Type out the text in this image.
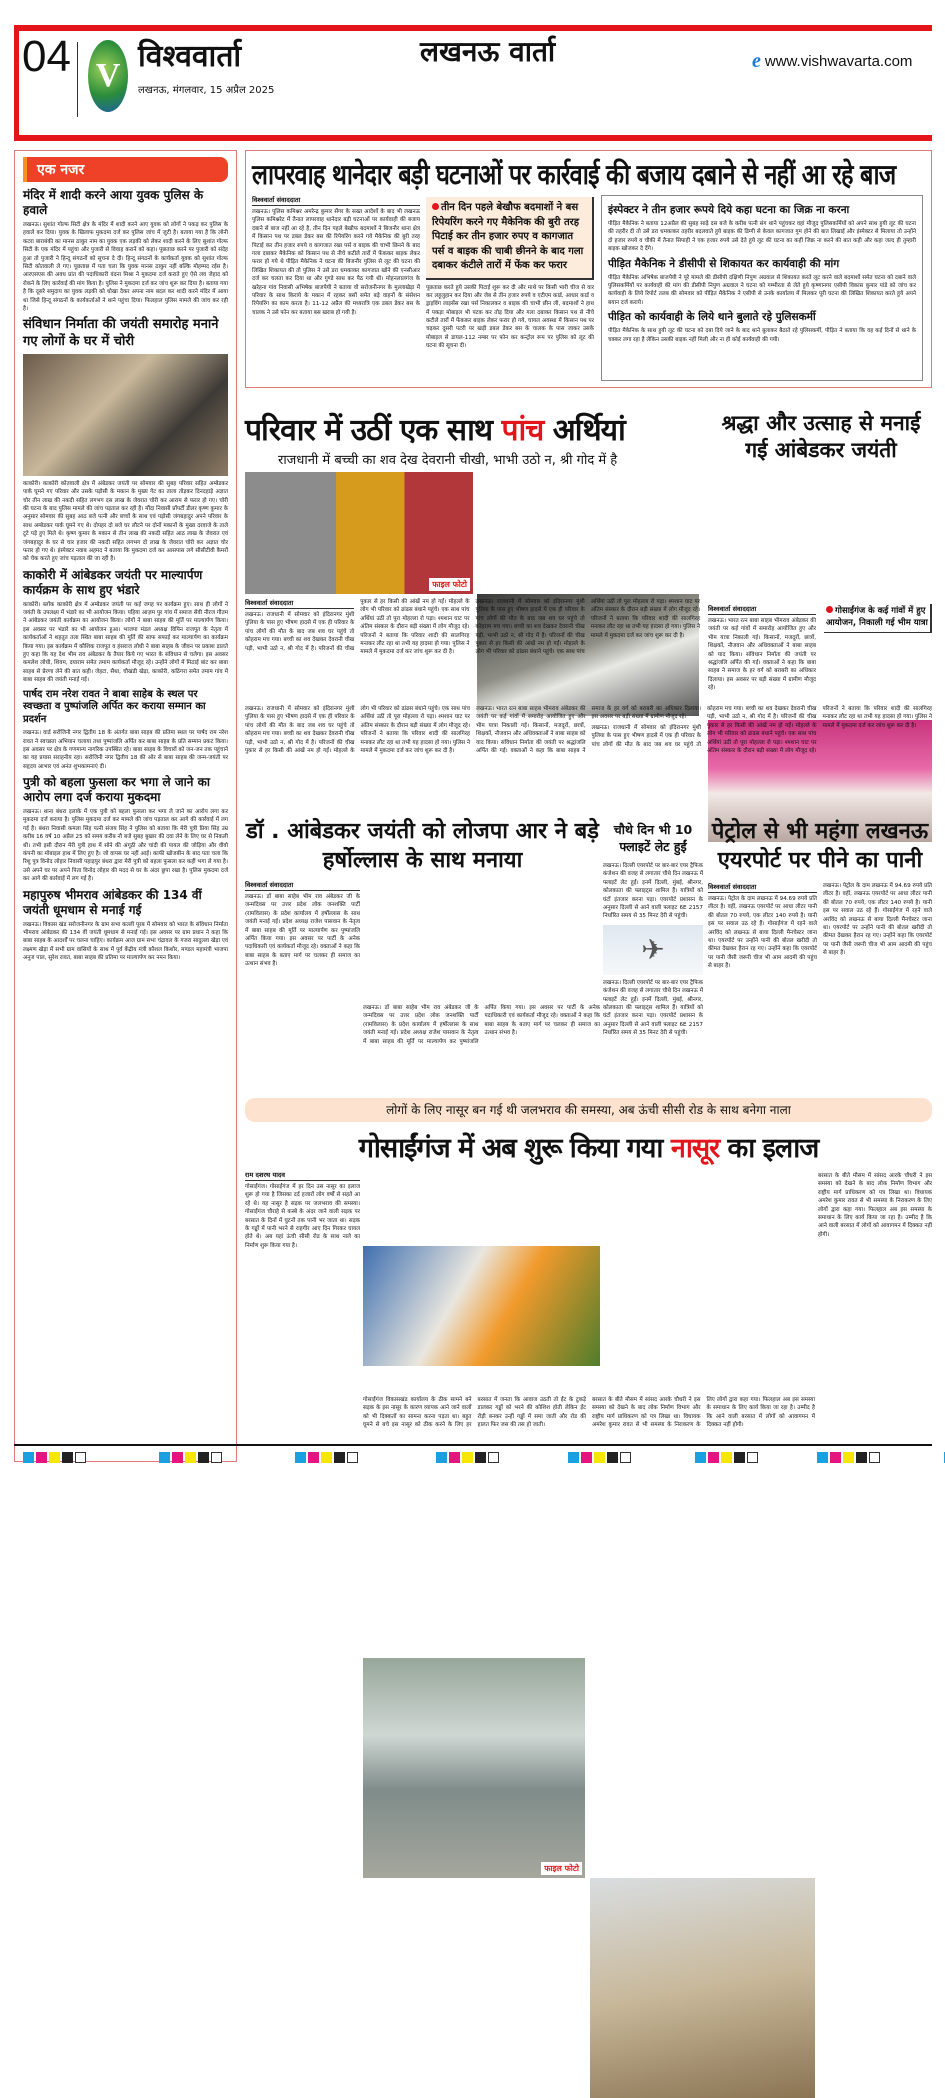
04 V
विश्ववार्ता
लखनऊ, मंगलवार, 15 अप्रैल 2025
लखनऊ वार्ता	e www.vishwavarta.com
एक नजर
मंदिर में शादी करने आया युवक पुलिस के हवाले

लखनऊ। सुशांत गोल्फ सिटी क्षेत्र के मंदिर में शादी करने आए युवक को लोगों ने पकड़ कर पुलिस के हवाले कर दिया। युवक के खिलाफ मुकदमा दर्ज कर पुलिस जांच में जुटी है। बताया गया है कि लोनी कटरा बाराबंकी का मानस ठाकुर नाम का युवक एक लड़की को लेकर शादी करने के लिए सुशांत गोल्फ सिटी के एक मंदिर में पहुंचा और पुजारी से विवाह कराने को कहा। पूछताछ करने पर पुजारी को संदेह हुआ तो पुजारी ने हिन्दू संगठनों को सूचना दे दी। हिन्दू संगठनों के कार्यकर्ता युवक को सुशांत गोल्फ सिटी कोतवाली ले गए। पूछताछ में पता चला कि युवक मानस ठाकुर नहीं बल्कि मोहम्मद रईस है। आरएसएस की अवध प्रांत की पदाधिकारी वंदना मिश्रा ने मुकदमा दर्ज कराते हुए ऐसे लव जेहाद को रोकने के लिए कार्रवाई की मांग किया है। पुलिस ने मुकदमा दर्ज कर जांच शुरू कर दिया है। बताया गया है कि दूसरे समुदाय का युवक लड़की को धोखा देकर अपना नाम बदल कर शादी करने मंदिर में आया था जिसे हिन्दू संगठनों के कार्यकर्ताओं ने थाने पहुंचा दिया। फिलहाल पुलिस मामले की जांच कर रही है।

संविधान निर्माता की जयंती समारोह मनाने गए लोगों के घर में चोरी

काकोरी। काकोरी कोतवाली क्षेत्र में अंबेडकर जयंती पर सोमवार की सुबह परिवार सहित अम्बेडकर पार्क घूमने गए परिवार और उसके पड़ोसी के मकान के मुख्य गेट का ताला तोड़कर दिनदहाड़े अज्ञात चोर तीन लाख की नकदी सहित लगभग दस लाख के जेवरात चोरी कर आराम से फरार हो गए। चोरी की घटना के बाद पुलिस मामले की जांच पड़ताल कर रही है। मौंदा निवासी प्रॉपर्टी डीलर कृष्ण कुमार के अनुसार सोमवार की सुबह आठ बजे पत्नी और बच्चों के साथ एवं पड़ोसी जंगबहादुर अपने परिवार के साथ अम्बेडकर पार्क घूमने गए थे। दोपहर दो बजे घर लौटने पर दोनों मकानों के मुख्य दरवाजे के ताले टूटे पड़े हुए मिले थे। कृष्ण कुमार के मकान से तीन लाख की नकदी सहित आठ लाख के जेवरात एवं जंगबहादुर के घर से चार हजार की नकदी सहित लगभग दो लाख के जेवरात चोरी कर अज्ञात चोर फरार हो गए थे। इंस्पेक्टर नवाब अहमद ने बताया कि मुकदमा दर्ज कर आसपास लगे सीसीटीवी कैमरों को चेक करते हुए जांच पड़ताल की जा रही है।

काकोरी में आंबेडकर जयंती पर माल्यार्पण कार्यक्रम के साथ हुए भंडारे

काकोरी। ब्लॉक काकोरी क्षेत्र में अम्बेडकर जयंती पर कई जगह पर कार्यक्रम हुए। साथ ही लोगों ने जयंती के उपलक्ष्य में भंडारे का भी आयोजन किया। पहिया आज़म पुर गांव में समाज सेवी नीरज गौतम ने आंबेडकर जयंती कार्यक्रम का आयोजन किया। लोगों ने बाबा साहब की मूर्ति पर माल्यार्पण किया। इस अवसर पर भंडारे का भी आयोजन हुआ। भाजपा मंडल अध्यक्ष विपिन राजपूत के नेतृत्व में कार्यकर्ताओं ने शहतूत तला स्थित बाबा साहब की मूर्ति की साफ सफाई कर माल्यार्पण का कार्यक्रम किया गया। इस कार्यक्रम में कौशिक राजपूत व हंसराज लोधी ने बाबा साहब के जीवन पर प्रकाश डालते हुए कहा कि यह देश भीम राव अंबेडकर के तैयार किये गए भारत के संविधान से चलेगा। इस अवसर कमलेश लोधी, शिवम, दयाराम समेत तमाम कार्यकर्ता मौजूद रहे। उन्होंने लोगों में मिठाई बांट कर बाबा साहब से प्रेरणा लेने की बात कही। जेहटा, सैथा, चौखंडी खेड़ा, काकोरी, कठिंगरा समेत तमाम गांव में बाबा साहब की जयंती मनाई गई।

पार्षद राम नरेश रावत ने बाबा साहेब के स्थल पर स्वच्छता व पुष्पांजलि अर्पित कर कराया सम्मान का प्रदर्शन

लखनऊ। वार्ड सरोजिनी नगर द्वितीय 18 के अंतर्गत बाबा साहब की प्रतिमा स्थल पर पार्षद राम नरेश रावत ने स्वच्छता अभियान चलाया तथा पुष्पांजलि अर्पित कर बाबा साहब के प्रति सम्मान प्रकट किया। इस अवसर पर क्षेत्र के गणमान्य नागरिक उपस्थित रहे। बाबा साहब के विचारों को जन-जन तक पहुंचाने का यह प्रयास सराहनीय रहा। सरोजिनी नगर द्वितीय 18 की ओर से बाबा साहब की जन्म-जयंती पर सहृदय आभार एवं अनंत शुभकामनाएं दी।

पुत्री को बहला फुसला कर भगा ले जाने का आरोप लगा दर्ज कराया मुकदमा

लखनऊ। थाना बंथरा इलाके में एक पुत्री को बहला फुसला कर भगा ले जाने का आरोप लगा कर मुकदमा दर्ज कराया है। पुलिस मुकदमा दर्ज कर मामले की जांच पड़ताल कर आगे की कार्रवाई में लग गई है। बंथरा निवासी कमला सिंह पत्नी संजय सिंह ने पुलिस को बताया कि मेरी पुत्री प्रिया सिंह उम्र करीब 16 वर्ष 10 अप्रैल 25 को समय करीब नौ बजे सुबह बुखार की दवा लेने के लिए घर से निकली थी। तभी इसी दौरान मेरी पुत्री हाथ में सोने की अंगूठी और चांदी की पायल की जोड़िया और वीवो कंपनी का मोबाइल हाथ में लिए हुए है। जो वापस घर नहीं आई। काफी खोजबीन के बाद पता चला कि रिशु पुत्र विनोद लोहार निवासी पहाड़पुर बंथरा द्वारा मेरी पुत्री को बहला फुसला कर कहीं भगा ले गया है। उसे अपने घर पर अपने पिता विनोद लोहार की मदद से घर के अंदर छुपा रखा है। पुलिस मुकदमा दर्ज कर आगे की कार्रवाई में लग गई है।

महापुरुष भीमराव आंबेडकर की 134 वीं जयंती धूमधाम से मनाई गई

लखनऊ। विकास खंड सरोजनीनगर के ग्राम सभा कल्ली पूरब में सोमवार को भारत के संविधान निर्माता भीमराव आंबेडकर की 134 वीं जयंती धूमधाम से मनाई गई। इस अवसर पर ग्राम प्रधान ने कहा कि बाबा साहब के आदर्शों पर चलना चाहिए। कार्यक्रम आज ग्राम सभा चंद्रावल के गजरा सादुल्ला खेड़ा एवं लक्ष्मण खेड़ा में सभी ग्राम वासियों के साथ में पूर्व केंद्रीय मंत्री कौशल किशोर, मण्डल महामंत्री भाजपा अनुज पाल, सुरेश रावत, बाबा साहब की प्रतिमा पर माल्यार्पण कर नमन किया।

लापरवाह थानेदार बड़ी घटनाओं पर कार्रवाई की बजाय दबाने से नहीं आ रहे बाज
विश्ववार्ता संवाददाता

लखनऊ। पुलिस कमिश्नर अमरेन्द्र कुमार सेंगर के सख्त आदेशों के बाद भी लखनऊ पुलिस कमिश्नरेट में तैनात लापरवाह थानेदार बड़ी घटनाओं पर कार्यवाही की बजाय दबाने से बाज नहीं आ रहे है, तीन दिन पहले बेखौफ बदमाशों ने बिजनौर थाना क्षेत्र में किसान पथ पर डबल डेकर बस की रिपेयरिंग करने गये मैकेनिक की बुरी तरह पिटाई कर तीन हजार रुपये व कागजात रखा पर्स व बाइक की चाभी छिनने के बाद गला दबाकर मैकेनिक को किसान पथ से नीचे कटीले तारों में फेंककर बाइक लेकर फरार हो गये थे पीड़ित मैकेनिक ने घटना की बिजनौर पुलिस से लूट की घटना की लिखित शिकायत की तो पुलिस ने उसे डरा धमकाकर कागजात खोने की एनसीआर दर्ज कर चलता कर दिया था और गुण्डे साथ कर पैठ गयी थी। मोहनलालगंज के खरेहना गांव निवासी अभिषेक बाजपेयी ने बताया वो सरोजनीनगर के मुल्लाखेड़ा में परिवार के साथ किराये के मकान में रहकर बसों समेत बड़े वाहनों के संसेशन रिपेयरिंग का काम करता है। 11-12 अप्रैल की मध्यरात्रि एक डबल डेकर बस के चालक ने उसे फोन कर बताया बस खराब हो गयी है।

तीन दिन पहले बेखौफ बदमाशों ने बस रिपेयरिंग करने गए मैकेनिक की बुरी तरह पिटाई कर तीन हजार रुपए व कागजात पर्स व बाइक की चाबी छीनने के बाद गला दबाकर कंटीले तारों में फेंक कर फरार

पूछताछ करते हुये उसकी पिटाई शुरू कर दी और माथे पर किसी भारी चीज से वार कर लहूलुहान कर दिया और जेब से तीन हजार रुपये व एटीएम कार्ड, आधार कार्ड व ड्राइविंग लाइसेंस रखा पर्स निकालकर व बाइक की चाभी छीन ली, बदमाशों ने हाथ में पकड़ा मोबाइल भी पटक कर तोड़ दिया और गला दबाकर किसान पथ से नीचे कटीले तारों में फेंककर बाइक लेकर फरार हो गये, घायल अवस्था में किसान पथ पर चढ़कर दूसरी पटरी पर खड़ी डबल डेकर बस के चालक के पास जाकर उसके मोबाइल से डायल-112 नम्बर पर फोन कर कन्ट्रोल रूम पर पुलिस को लूट की घटना की सूचना दी।

इंस्पेक्टर ने तीन हजार रूपये दिये कहा घटना का जिक्र ना करना

पीड़ित मैकेनिक ने बताया 12अप्रैल की सुबह साढ़े दस बजे के करीब पत्नी संग थाने पहुंचकर वहां मौजूद पुलिसकर्मियों को अपने साथ हुयी लूट की घटना की तहरीर दी तो उसे डरा धमकाकर तहरीर बदलवाते हुये बाइक की डिग्गी से केवल कागजात गुम होने की बात लिखाई और इंस्पेक्टर से मिलाया तो उन्होंने दो हजार रुपये व चौकी में तैनात सिपाही ने एक हजार रुपये उसे देते हुये लूट की घटना का कहीं जिक्र ना करने की बात कही और कहा जल्द ही तुम्हारी बाइक खोजकर दे देंगे।

पीड़ित मैकेनिक ने डीसीपी से शिकायत कर कार्यवाही की मांग

पीड़ित मैकेनिक अभिषेक बाजपेयी ने पूरे मामले की डीसीपी दक्षिणी निपुण अग्रवाल से शिकायत करते लूट करने वाले बदमाशों समेत घटना को दबाने वाले पुलिसकर्मियों पर कार्यवाही की मांग की डीसीपी निपुण अग्रवाल ने घटना को गम्भीरता से लेते हुये कृष्णानगर एसीपी विकास कुमार पांडे को जांच कर कार्यवाही के लिये रिपोर्ट तलब की सोमवार को पीड़ित मैकेनिक ने एसीपी से उनके कार्यालय में मिलकर पूरी घटना की लिखित शिकायत करते हुये अपने बयान दर्ज कराये।

पीड़ित को कार्यवाही के लिये थाने बुलाते रहे पुलिसकर्मी

पीड़ित मैकेनिक के साथ हुयी लूट की घटना को दबा दिये जाने के बाद थाने बुलाकर बैठाते रहे पुलिसकर्मी, पीड़ित ने बताया कि वह कई दिनों से थाने के चक्कर लगा रहा है लेकिन उसकी बाइक नहीं मिली और ना ही कोई कार्यवाही की गयी।

परिवार में उठीं एक साथ पांच अर्थियां
राजधानी में बच्ची का शव देख देवरानी चीखी, भाभी उठो न, श्री गोद में है
फाइल फोटो
विश्ववार्ता संवाददाता

लखनऊ। राजधानी में सोमवार को इंदिरानगर मुंशी पुलिया के पास हुए भीषण हादसे में एक ही परिवार के पांच लोगों की मौत के बाद जब शव घर पहुंचे तो कोहराम मच गया। बच्ची का शव देखकर देवरानी चीख पड़ी, भाभी उठो न, श्री गोद में है। परिजनों की चीख पुकार से हर किसी की आंखें नम हो गईं। मोहल्ले के लोग भी परिवार को ढांढस बंधाने पहुंचे। एक साथ पांच अर्थियां उठीं तो पूरा मोहल्ला रो पड़ा। श्मशान घाट पर अंतिम संस्कार के दौरान बड़ी संख्या में लोग मौजूद रहे। परिजनों ने बताया कि परिवार शादी की सालगिरह मनाकर लौट रहा था तभी यह हादसा हो गया। पुलिस ने मामले में मुकदमा दर्ज कर जांच शुरू कर दी है।

लखनऊ। राजधानी में सोमवार को इंदिरानगर मुंशी पुलिया के पास हुए भीषण हादसे में एक ही परिवार के पांच लोगों की मौत के बाद जब शव घर पहुंचे तो कोहराम मच गया। बच्ची का शव देखकर देवरानी चीख पड़ी, भाभी उठो न, श्री गोद में है। परिजनों की चीख पुकार से हर किसी की आंखें नम हो गईं। मोहल्ले के लोग भी परिवार को ढांढस बंधाने पहुंचे। एक साथ पांच अर्थियां उठीं तो पूरा मोहल्ला रो पड़ा। श्मशान घाट पर अंतिम संस्कार के दौरान बड़ी संख्या में लोग मौजूद रहे। परिजनों ने बताया कि परिवार शादी की सालगिरह मनाकर लौट रहा था तभी यह हादसा हो गया। पुलिस ने मामले में मुकदमा दर्ज कर जांच शुरू कर दी है।

श्रद्धा और उत्साह से मनाई गई आंबेडकर जयंती
विश्ववार्ता संवाददाता	गोसाईंगंज के कई गांवों में हुए आयोजन, निकाली गई भीम यात्रा

लखनऊ। भारत रत्न बाबा साहब भीमराव अंबेडकर की जयंती पर कई गांवों में समारोह आयोजित हुए और भीम यात्रा निकाली गई। किसानों, मजदूरों, छात्रों, शिक्षकों, नौजवान और अधिवक्ताओं ने बाबा साहब को याद किया। संविधान निर्माता की जयंती पर श्रद्धांजलि अर्पित की गई। वक्ताओं ने कहा कि बाबा साहब ने समाज के हर वर्ग को बराबरी का अधिकार दिलाया। इस अवसर पर बड़ी संख्या में ग्रामीण मौजूद रहे।

लखनऊ। राजधानी में सोमवार को इंदिरानगर मुंशी पुलिया के पास हुए भीषण हादसे में एक ही परिवार के पांच लोगों की मौत के बाद जब शव घर पहुंचे तो कोहराम मच गया। बच्ची का शव देखकर देवरानी चीख पड़ी, भाभी उठो न, श्री गोद में है। परिजनों की चीख पुकार से हर किसी की आंखें नम हो गईं। मोहल्ले के लोग भी परिवार को ढांढस बंधाने पहुंचे। एक साथ पांच अर्थियां उठीं तो पूरा मोहल्ला रो पड़ा। श्मशान घाट पर अंतिम संस्कार के दौरान बड़ी संख्या में लोग मौजूद रहे। परिजनों ने बताया कि परिवार शादी की सालगिरह मनाकर लौट रहा था तभी यह हादसा हो गया। पुलिस ने मामले में मुकदमा दर्ज कर जांच शुरू कर दी है।

लखनऊ। भारत रत्न बाबा साहब भीमराव अंबेडकर की जयंती पर कई गांवों में समारोह आयोजित हुए और भीम यात्रा निकाली गई। किसानों, मजदूरों, छात्रों, शिक्षकों, नौजवान और अधिवक्ताओं ने बाबा साहब को याद किया। संविधान निर्माता की जयंती पर श्रद्धांजलि अर्पित की गई। वक्ताओं ने कहा कि बाबा साहब ने समाज के हर वर्ग को बराबरी का अधिकार दिलाया। इस अवसर पर बड़ी संख्या में ग्रामीण मौजूद रहे।

लखनऊ। राजधानी में सोमवार को इंदिरानगर मुंशी पुलिया के पास हुए भीषण हादसे में एक ही परिवार के पांच लोगों की मौत के बाद जब शव घर पहुंचे तो कोहराम मच गया। बच्ची का शव देखकर देवरानी चीख पड़ी, भाभी उठो न, श्री गोद में है। परिजनों की चीख पुकार से हर किसी की आंखें नम हो गईं। मोहल्ले के लोग भी परिवार को ढांढस बंधाने पहुंचे। एक साथ पांच अर्थियां उठीं तो पूरा मोहल्ला रो पड़ा। श्मशान घाट पर अंतिम संस्कार के दौरान बड़ी संख्या में लोग मौजूद रहे। परिजनों ने बताया कि परिवार शादी की सालगिरह मनाकर लौट रहा था तभी यह हादसा हो गया। पुलिस ने मामले में मुकदमा दर्ज कर जांच शुरू कर दी है।

डॉ . आंबेडकर जयंती को लोजपा आर ने बड़े हर्षोल्लास के साथ मनाया
विश्ववार्ता संवाददाता

लखनऊ। डॉ बाबा साहेब भीम राव अंबेडकर जी के जन्मदिवस पर उत्तर प्रदेश लोक जनशक्ति पार्टी (रामविलास) के प्रदेश कार्यालय में हर्षोल्लास के साथ जयंती मनाई गई। प्रदेश अध्यक्ष राजेश पासवान के नेतृत्व में बाबा साहब की मूर्ति पर माल्यार्पण कर पुष्पांजलि अर्पित किया गया। इस अवसर पर पार्टी के अनेक पदाधिकारी एवं कार्यकर्ता मौजूद रहे। वक्ताओं ने कहा कि बाबा साहब के बताए मार्ग पर चलकर ही समाज का उत्थान संभव है।

लखनऊ। डॉ बाबा साहेब भीम राव अंबेडकर जी के जन्मदिवस पर उत्तर प्रदेश लोक जनशक्ति पार्टी (रामविलास) के प्रदेश कार्यालय में हर्षोल्लास के साथ जयंती मनाई गई। प्रदेश अध्यक्ष राजेश पासवान के नेतृत्व में बाबा साहब की मूर्ति पर माल्यार्पण कर पुष्पांजलि अर्पित किया गया। इस अवसर पर पार्टी के अनेक पदाधिकारी एवं कार्यकर्ता मौजूद रहे। वक्ताओं ने कहा कि बाबा साहब के बताए मार्ग पर चलकर ही समाज का उत्थान संभव है।

चौथे दिन भी 10 फ्लाइटें लेट हुईं

लखनऊ। दिल्ली एयरपोर्ट पर बार-बार एयर ट्रैफिक कंजेशन की वजह से लगातार चौथे दिन लखनऊ में फ्लाइटें लेट हुईं। इनमें दिल्ली, मुंबई, श्रीनगर, कोलकाता की फ्लाइट्स शामिल हैं। यात्रियों को घंटों इंतजार करना पड़ा। एयरपोर्ट प्रशासन के अनुसार दिल्ली से आने वाली फ्लाइट 6E 2157 निर्धारित समय से 35 मिनट देरी से पहुंची।

✈

लखनऊ। दिल्ली एयरपोर्ट पर बार-बार एयर ट्रैफिक कंजेशन की वजह से लगातार चौथे दिन लखनऊ में फ्लाइटें लेट हुईं। इनमें दिल्ली, मुंबई, श्रीनगर, कोलकाता की फ्लाइट्स शामिल हैं। यात्रियों को घंटों इंतजार करना पड़ा। एयरपोर्ट प्रशासन के अनुसार दिल्ली से आने वाली फ्लाइट 6E 2157 निर्धारित समय से 35 मिनट देरी से पहुंची।

पेट्रोल से भी महंगा लखनऊ एयरपोर्ट पर पीने का पानी
विश्ववार्ता संवाददाता

लखनऊ। पेट्रोल के दाम लखनऊ में 94.69 रुपये प्रति लीटर है। वहीं, लखनऊ एयरपोर्ट पर आधा लीटर पानी की बोतल 70 रुपये, एक लीटर 140 रुपये है। यानी इस पर सवाल उठ रहे हैं। गोसाईंगंज में रहने वाले अरविंद को लखनऊ से बाया दिल्ली मैनचेस्टर जाना था। एयरपोर्ट पर उन्होंने पानी की बोतल खरीदी तो कीमत देखकर हैरान रह गए। उन्होंने कहा कि एयरपोर्ट पर पानी जैसी जरूरी चीज भी आम आदमी की पहुंच से बाहर है।

लखनऊ। पेट्रोल के दाम लखनऊ में 94.69 रुपये प्रति लीटर है। वहीं, लखनऊ एयरपोर्ट पर आधा लीटर पानी की बोतल 70 रुपये, एक लीटर 140 रुपये है। यानी इस पर सवाल उठ रहे हैं। गोसाईंगंज में रहने वाले अरविंद को लखनऊ से बाया दिल्ली मैनचेस्टर जाना था। एयरपोर्ट पर उन्होंने पानी की बोतल खरीदी तो कीमत देखकर हैरान रह गए। उन्होंने कहा कि एयरपोर्ट पर पानी जैसी जरूरी चीज भी आम आदमी की पहुंच से बाहर है।

लोगों के लिए नासूर बन गई थी जलभराव की समस्या, अब ऊंची सीसी रोड के साथ बनेगा नाला
गोसाईंगंज में अब शुरू किया गया नासूर का इलाज
राम दशरथ यादव

गोसाईंगंज। गोसाईंगंज में हर दिन उस नासूर का इलाज शुरू हो गया है जिसका दर्द हजारों लोग वर्षों से सहते आ रहे थे। यह नासूर है सड़क पर जलभराव की समस्या। गोसाईंगंज चौराहे से कस्बे के अंदर जाने वाली सड़क पर बरसात के दिनों में घुटनों तक पानी भर जाता था। सड़क के गड्ढों में पानी भरने से राहगीर आए दिन गिरकर घायल होते थे। अब यहां ऊंची सीसी रोड के साथ नाले का निर्माण शुरू किया गया है।

फाइल फोटो

बरसात के बीते मौसम में सांसद आरके चौधरी ने इस समस्या को देखने के बाद लोक निर्माण विभाग और राष्ट्रीय मार्ग प्राधिकरण को पत्र लिखा था। विधायक अमरेश कुमार रावत से भी समस्या के निराकरण के लिए लोगों द्वारा कहा गया। फिलहाल अब इस समस्या के समाधान के लिए कार्य किया जा रहा है। उम्मीद है कि आने वाली बरसात में लोगों को आवागमन में दिक्कत नहीं होगी।

गोसाईंगंज विकासखंड कार्यालय के ठीक सामने बने सड़क के इस नासूर के कारण व्यापक आने जाने वालों को भी दिक्कतों का सामना करना पड़ता था। बहुत घूमने से बचे इस नासूर को ठीक करने के लिए हर बरसात में जनता कि आवाज उठती तो ईंट के टुकड़े डालकर गड्ढों को भरने की कोशिश होती लेकिन ईंट रोड़ी बनकर उन्हीं गड्ढों में समा जाती और रोड की हालत फिर जस की तस हो जाती।

बरसात के बीते मौसम में सांसद आरके चौधरी ने इस समस्या को देखने के बाद लोक निर्माण विभाग और राष्ट्रीय मार्ग प्राधिकरण को पत्र लिखा था। विधायक अमरेश कुमार रावत से भी समस्या के निराकरण के लिए लोगों द्वारा कहा गया। फिलहाल अब इस समस्या के समाधान के लिए कार्य किया जा रहा है। उम्मीद है कि आने वाली बरसात में लोगों को आवागमन में दिक्कत नहीं होगी।
